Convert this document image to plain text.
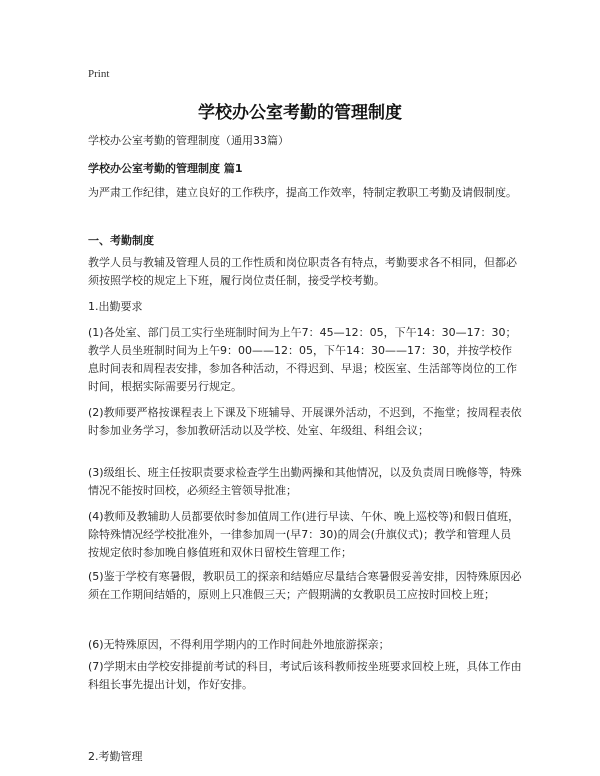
Print
学校办公室考勤的管理制度
学校办公室考勤的管理制度（通用33篇）
学校办公室考勤的管理制度 篇1
为严肃工作纪律，建立良好的工作秩序，提高工作效率，特制定教职工考勤及请假制度。
一、考勤制度
教学人员与教辅及管理人员的工作性质和岗位职责各有特点，考勤要求各不相同，但都必须按照学校的规定上下班，履行岗位责任制，接受学校考勤。
1.出勤要求
(1)各处室、部门员工实行坐班制时间为上午7：45—12：05，下午14：30—17：30；教学人员坐班制时间为上午9：00——12：05，下午14：30——17：30，并按学校作息时间表和周程表安排，参加各种活动，不得迟到、早退；校医室、生活部等岗位的工作时间，根据实际需要另行规定。
(2)教师要严格按课程表上下课及下班辅导、开展课外活动，不迟到，不拖堂；按周程表依时参加业务学习，参加教研活动以及学校、处室、年级组、科组会议；
(3)级组长、班主任按职责要求检查学生出勤两操和其他情况，以及负责周日晚修等，特殊情况不能按时回校，必须经主管领导批准；
(4)教师及教辅助人员都要依时参加值周工作(进行早读、午休、晚上巡校等)和假日值班，除特殊情况经学校批准外，一律参加周一(早7：30)的周会(升旗仪式)；教学和管理人员按规定依时参加晚自修值班和双休日留校生管理工作；
(5)鉴于学校有寒暑假，教职员工的探亲和结婚应尽量结合寒暑假妥善安排，因特殊原因必须在工作期间结婚的，原则上只准假三天；产假期满的女教职员工应按时回校上班；
(6)无特殊原因，不得利用学期内的工作时间赴外地旅游探亲；
(7)学期末由学校安排提前考试的科目，考试后该科教师按坐班要求回校上班，具体工作由科组长事先提出计划，作好安排。
2.考勤管理
